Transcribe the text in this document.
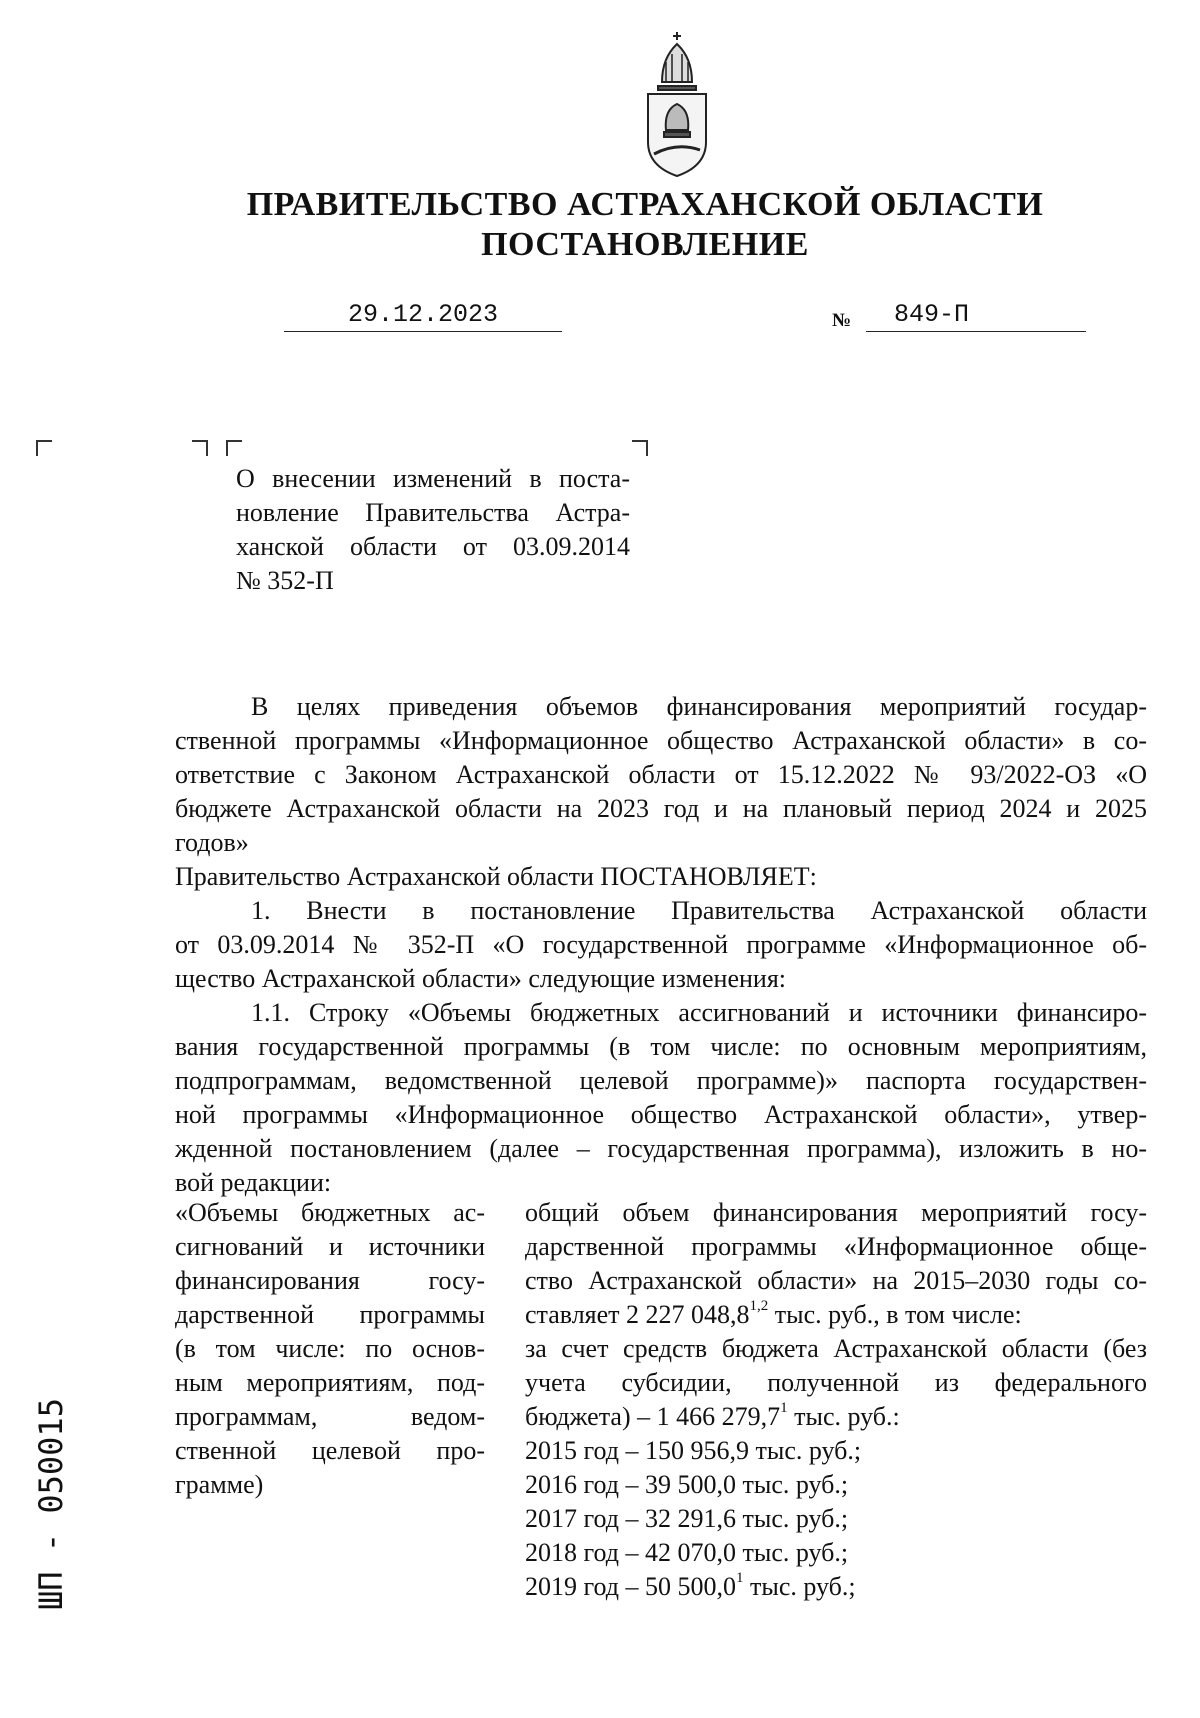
ПРАВИТЕЛЬСТВО АСТРАХАНСКОЙ ОБЛАСТИ
ПОСТАНОВЛЕНИЕ
29.12.2023	№	849-П
О внесении изменений в поста-
новление Правительства Астра-
ханской области от 03.09.2014
№ 352-П
В целях приведения объемов финансирования мероприятий государ-
ственной программы «Информационное общество Астраханской области» в со-
ответствие с Законом Астраханской области от 15.12.2022 № 93/2022-ОЗ «О
бюджете Астраханской области на 2023 год и на плановый период 2024 и 2025
годов»
Правительство Астраханской области ПОСТАНОВЛЯЕТ:
1. Внести в постановление Правительства Астраханской области
от 03.09.2014 № 352-П «О государственной программе «Информационное об-
щество Астраханской области» следующие изменения:
1.1. Строку «Объемы бюджетных ассигнований и источники финансиро-
вания государственной программы (в том числе: по основным мероприятиям,
подпрограммам, ведомственной целевой программе)» паспорта государствен-
ной программы «Информационное общество Астраханской области», утвер-
жденной постановлением (далее – государственная программа), изложить в но-
вой редакции:
«Объемы бюджетных ас-
сигнований и источники
финансирования госу-
дарственной программы
(в том числе: по основ-
ным мероприятиям, под-
программам, ведом-
ственной целевой про-
грамме)
общий объем финансирования мероприятий госу-
дарственной программы «Информационное обще-
ство Астраханской области» на 2015–2030 годы со-
ставляет 2 227 048,8$^{1,2}$ тыс. руб., в том числе:
за счет средств бюджета Астраханской области (без
учета субсидии, полученной из федерального
бюджета) – 1 466 279,7$^1$ тыс. руб.:
2015 год – 150 956,9 тыс. руб.;
2016 год – 39 500,0 тыс. руб.;
2017 год – 32 291,6 тыс. руб.;
2018 год – 42 070,0 тыс. руб.;
2019 год – 50 500,0$^1$ тыс. руб.;
ШП - 050015
